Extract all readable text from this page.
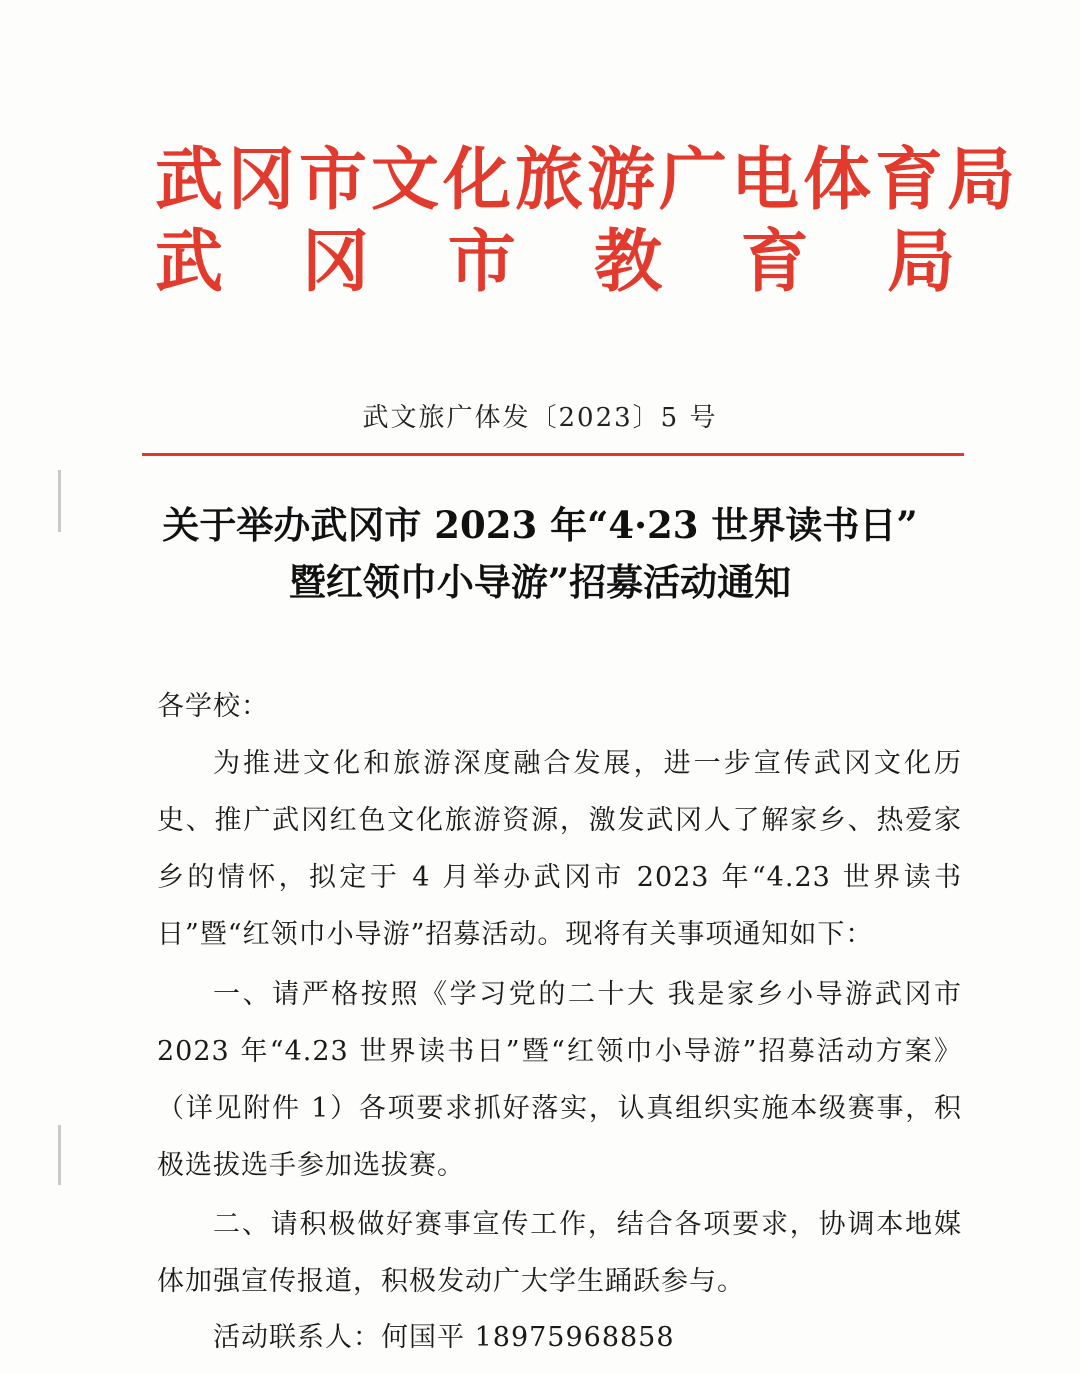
武冈市文化旅游广电体育局
武 冈 市 教 育 局
武文旅广体发〔2023〕5 号
关于举办武冈市 2023 年“4·23 世界读书日”
暨红领巾小导游”招募活动通知
各学校：
为推进文化和旅游深度融合发展，进一步宣传武冈文化历史、推广武冈红色文化旅游资源，激发武冈人了解家乡、热爱家乡的情怀，拟定于 4 月举办武冈市 2023 年“4.23 世界读书日”暨“红领巾小导游”招募活动。现将有关事项通知如下：
一、请严格按照《学习党的二十大 我是家乡小导游武冈市 2023 年“4.23 世界读书日”暨“红领巾小导游”招募活动方案》（详见附件 1）各项要求抓好落实，认真组织实施本级赛事，积极选拔选手参加选拔赛。
二、请积极做好赛事宣传工作，结合各项要求，协调本地媒体加强宣传报道，积极发动广大学生踊跃参与。
活动联系人：何国平 18975968858
